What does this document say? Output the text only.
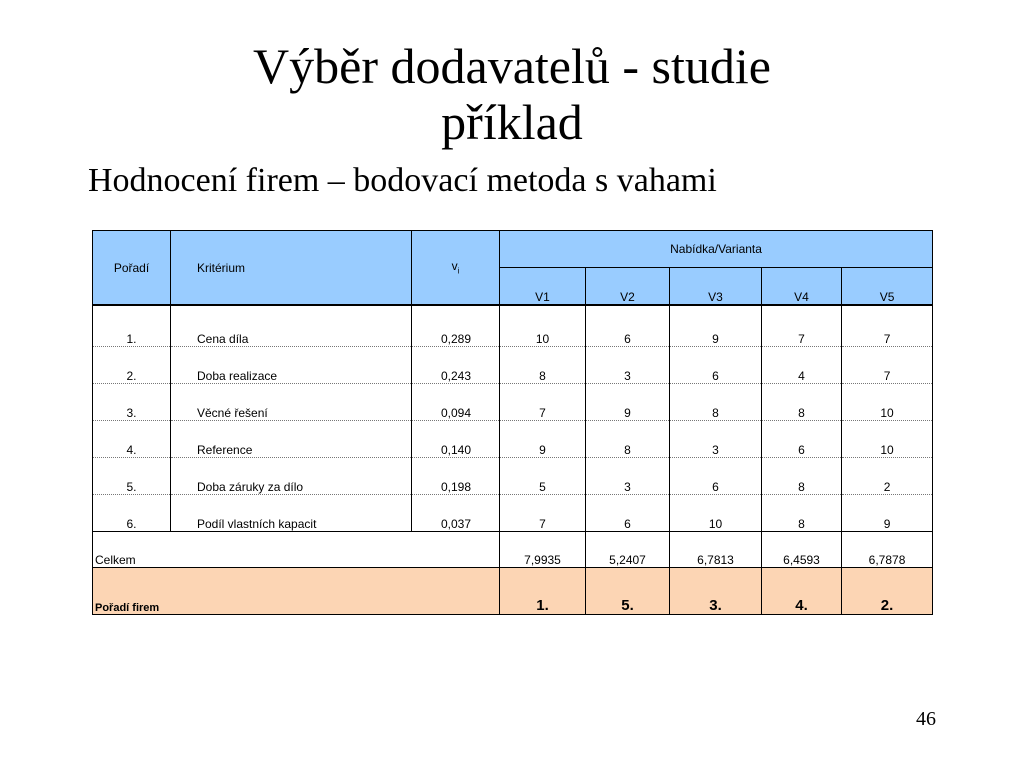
Výběr dodavatelů - studie
příklad
Hodnocení firem – bodovací metoda s vahami
Pořadí	Kritérium	$v_i$	Nabídka/Varianta				
			V1	V2	V3	V4	V5

1.	Cena díla	0,289	10	6	9	7	7
2.	Doba realizace	0,243	8	3	6	4	7
3.	Věcné řešení	0,094	7	9	8	8	10
4.	Reference	0,140	9	8	3	6	10
5.	Doba záruky za dílo	0,198	5	3	6	8	2
6.	Podíl vlastních kapacit	0,037	7	6	10	8	9
Celkem			7,9935	5,2407	6,7813	6,4593	6,7878
Pořadí firem			1.	5.	3.	4.	2.
46
